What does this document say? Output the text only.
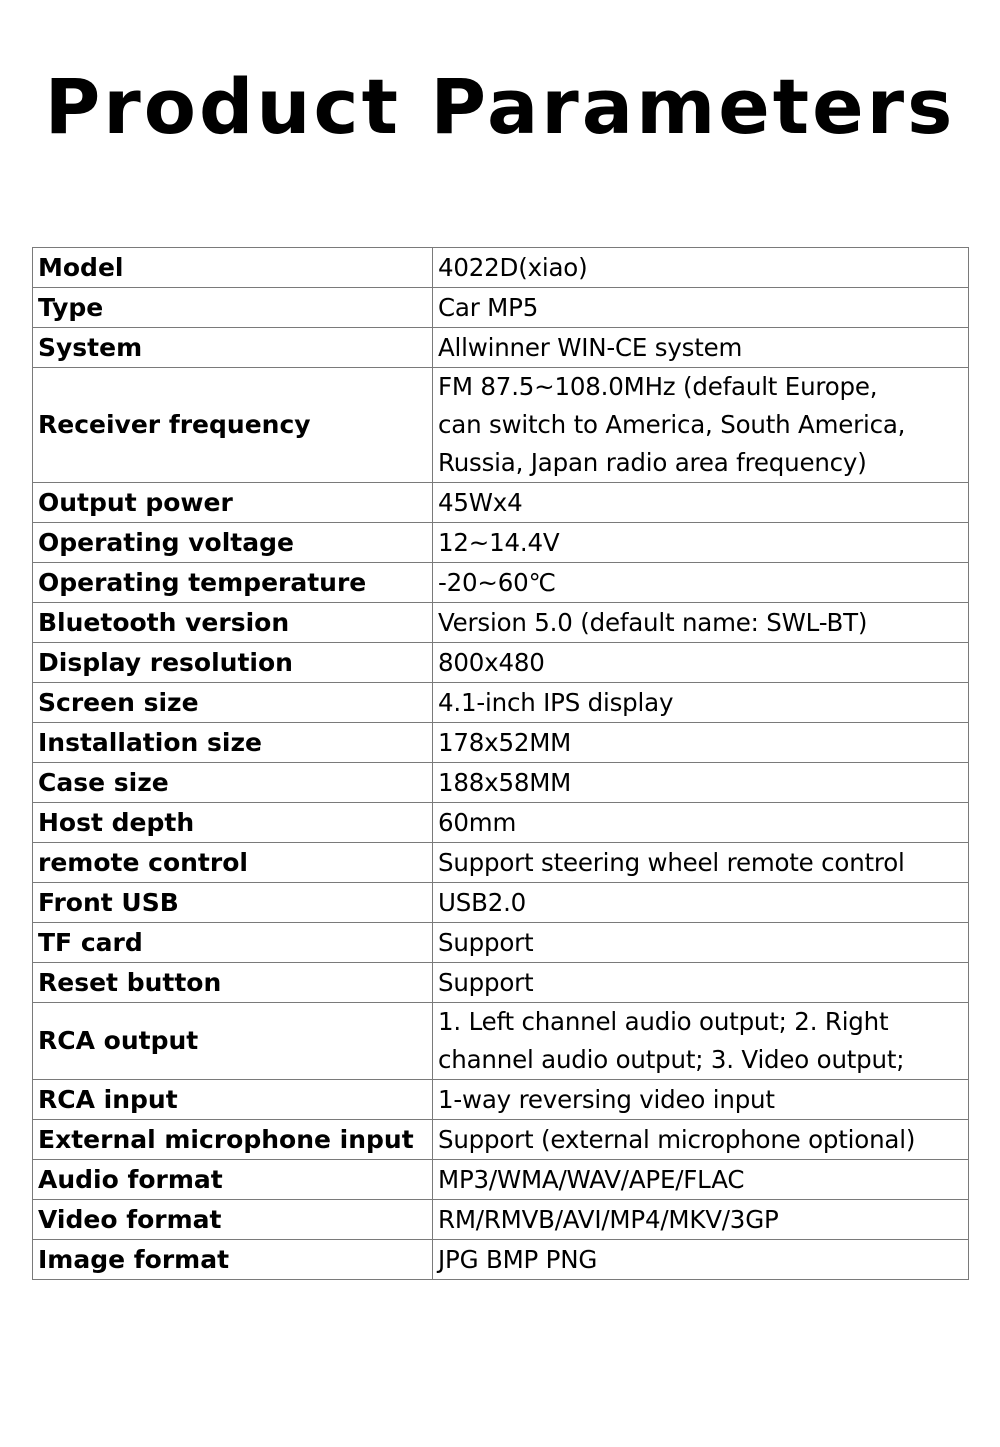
Product Parameters
Model	4022D(xiao)

Type	Car MP5

System	Allwinner WIN-CE system

Receiver frequency	FM 87.5~108.0MHz (default Europe,
can switch to America, South America,
Russia, Japan radio area frequency)

Output power	45Wx4

Operating voltage	12~14.4V

Operating temperature	-20~60℃

Bluetooth version	Version 5.0 (default name: SWL-BT)

Display resolution	800x480

Screen size	4.1-inch IPS display

Installation size	178x52MM

Case size	188x58MM

Host depth	60mm

remote control	Support steering wheel remote control

Front USB	USB2.0

TF card	Support

Reset button	Support

RCA output	1. Left channel audio output; 2. Right
channel audio output; 3. Video output;

RCA input	1-way reversing video input

External microphone input	Support (external microphone optional)

Audio format	MP3/WMA/WAV/APE/FLAC

Video format	RM/RMVB/AVI/MP4/MKV/3GP

Image format	JPG BMP PNG
